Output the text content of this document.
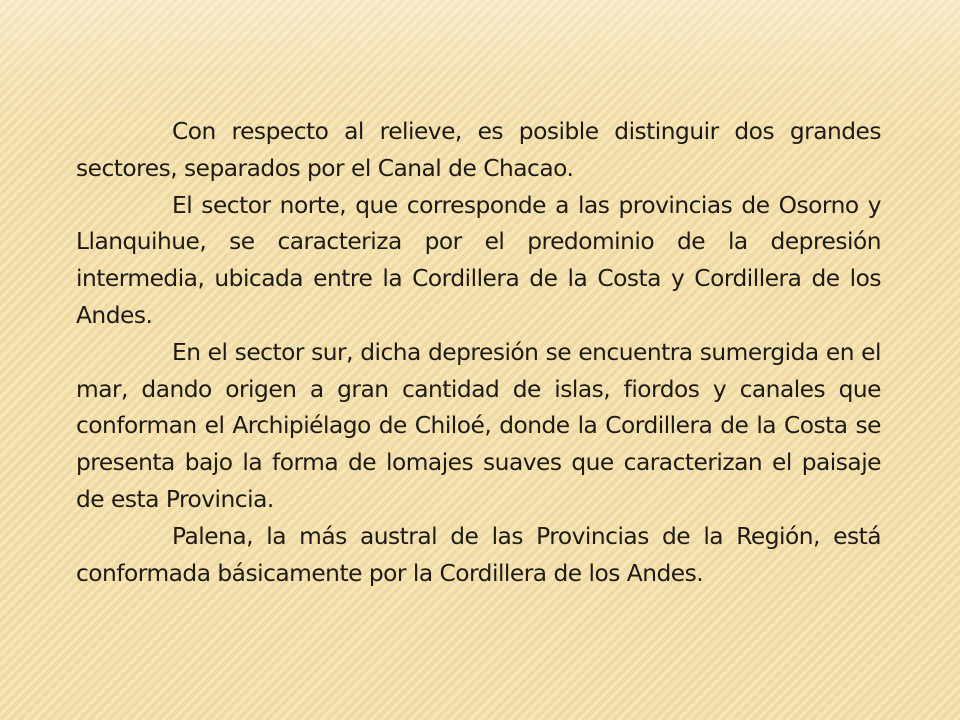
Con respecto al relieve, es posible distinguir dos grandes sectores, separados por el Canal de Chacao.

El sector norte, que corresponde a las provincias de Osorno y Llanquihue, se caracteriza por el predominio de la depresión intermedia, ubicada entre la Cordillera de la Costa y Cordillera de los Andes.

En el sector sur, dicha depresión se encuentra sumergida en el mar, dando origen a gran cantidad de islas, fiordos y canales que conforman el Archipiélago de Chiloé, donde la Cordillera de la Costa se presenta bajo la forma de lomajes suaves que caracterizan el paisaje de esta Provincia.

Palena, la más austral de las Provincias de la Región, está conformada básicamente por la Cordillera de los Andes.
